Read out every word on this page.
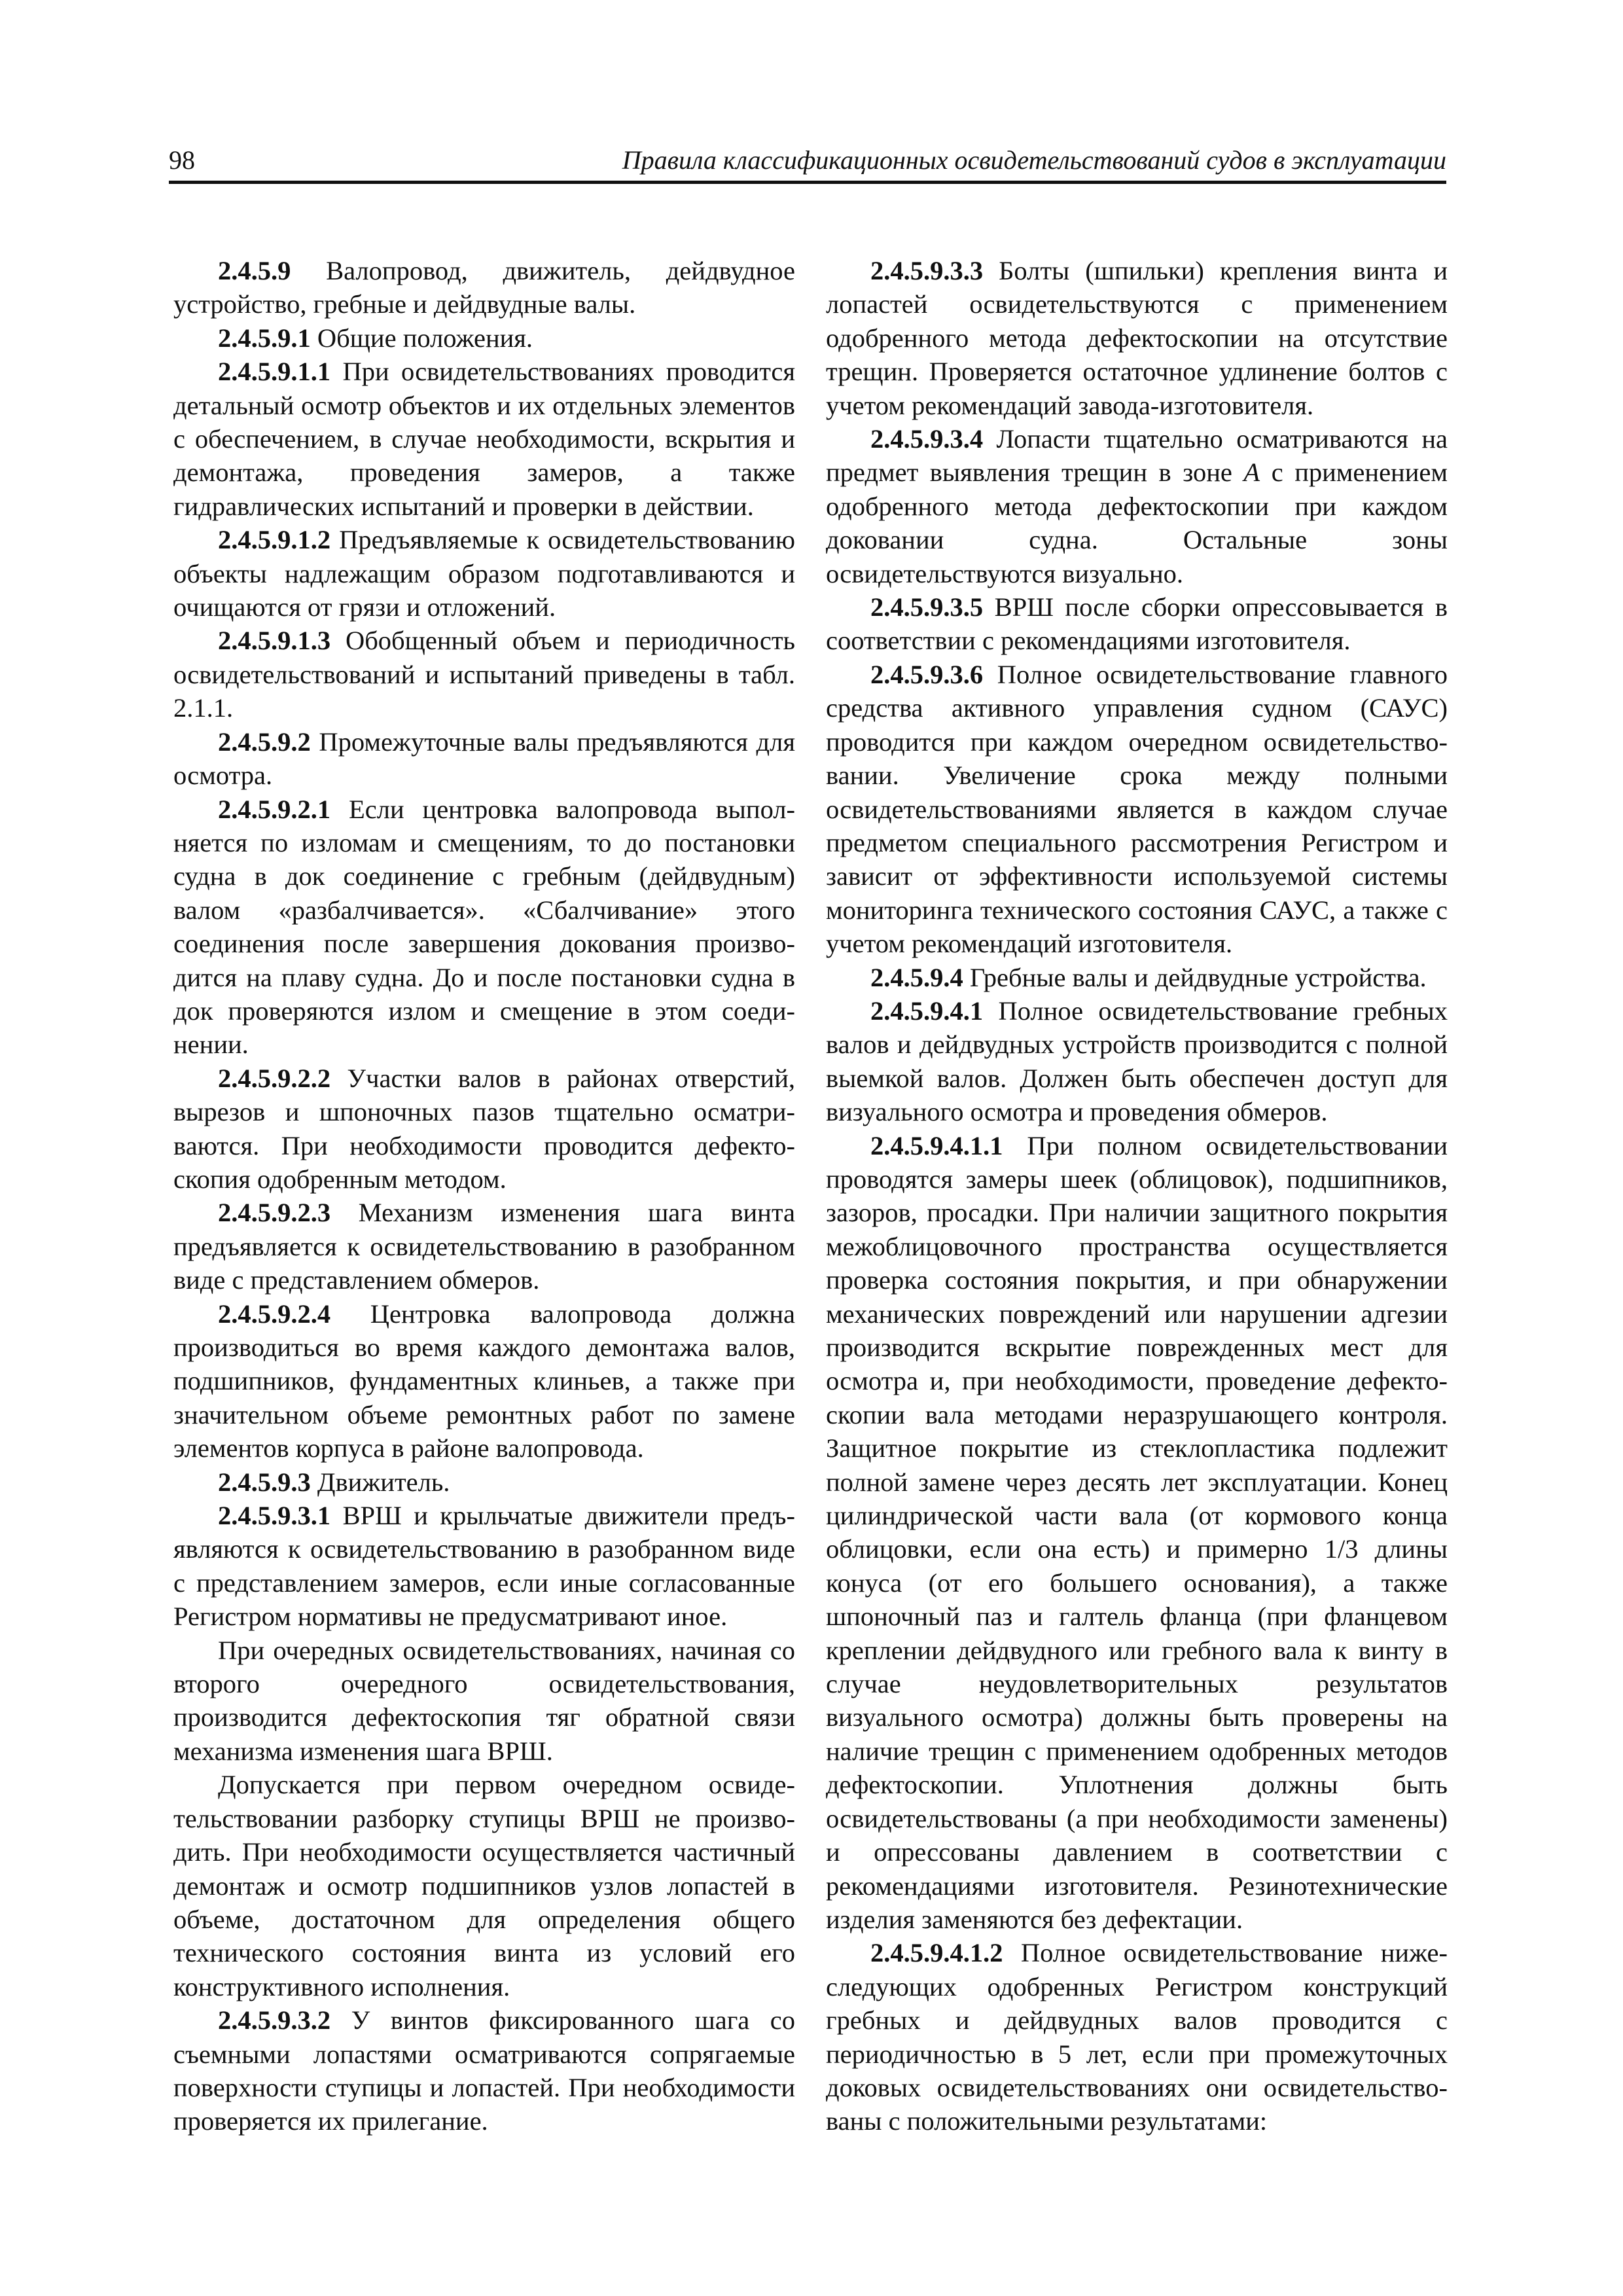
98	Правила классификационных освидетельствований судов в эксплуатации

2.4.5.9 Валопровод, движитель, дейдвудное устройство, гребные и дейдвудные валы.

2.4.5.9.1 Общие положения.

2.4.5.9.1.1 При освидетельствованиях проводится детальный осмотр объектов и их отдельных элементов с обеспечением, в случае необходимости, вскрытия и демонтажа, проведения замеров, а также гидравлических испытаний и проверки в действии.

2.4.5.9.1.2 Предъявляемые к освидетельствованию объекты надлежащим образом подготавливаются и очищаются от грязи и отложений.

2.4.5.9.1.3 Обобщенный объем и периодичность освидетельствований и испытаний приведены в табл. 2.1.1.

2.4.5.9.2 Промежуточные валы предъявляются для осмотра.

2.4.5.9.2.1 Если центровка валопровода выполняется по изломам и смещениям, то до постановки судна в док соединение с гребным (дейдвудным) валом «разбалчивается». «Сбалчивание» этого соединения после завершения докования производится на плаву судна. До и после постановки судна в док проверяются излом и смещение в этом соединении.

2.4.5.9.2.2 Участки валов в районах отверстий, вырезов и шпоночных пазов тщательно осматриваются. При необходимости проводится дефектоскопия одобренным методом.

2.4.5.9.2.3 Механизм изменения шага винта предъявляется к освидетельствованию в разобранном виде с представлением обмеров.

2.4.5.9.2.4 Центровка валопровода должна производиться во время каждого демонтажа валов, подшипников, фундаментных клиньев, а также при значительном объеме ремонтных работ по замене элементов корпуса в районе валопровода.

2.4.5.9.3 Движитель.

2.4.5.9.3.1 ВРШ и крыльчатые движители предъявляются к освидетельствованию в разобранном виде с представлением замеров, если иные согласованные Регистром нормативы не предусматривают иное.

При очередных освидетельствованиях, начиная со второго очередного освидетельствования, производится дефектоскопия тяг обратной связи механизма изменения шага ВРШ.

Допускается при первом очередном освидетельствовании разборку ступицы ВРШ не производить. При необходимости осуществляется частичный демонтаж и осмотр подшипников узлов лопастей в объеме, достаточном для определения общего технического состояния винта из условий его конструктивного исполнения.

2.4.5.9.3.2 У винтов фиксированного шага со съемными лопастями осматриваются сопрягаемые поверхности ступицы и лопастей. При необходимости проверяется их прилегание.

2.4.5.9.3.3 Болты (шпильки) крепления винта и лопастей освидетельствуются с применением одобренного метода дефектоскопии на отсутствие трещин. Проверяется остаточное удлинение болтов с учетом рекомендаций завода-изготовителя.

2.4.5.9.3.4 Лопасти тщательно осматриваются на предмет выявления трещин в зоне A с применением одобренного метода дефектоскопии при каждом доковании судна. Остальные зоны освидетельствуются визуально.

2.4.5.9.3.5 ВРШ после сборки опрессовывается в соответствии с рекомендациями изготовителя.

2.4.5.9.3.6 Полное освидетельствование главного средства активного управления судном (САУС) проводится при каждом очередном освидетельствовании. Увеличение срока между полными освидетельствованиями является в каждом случае предметом специального рассмотрения Регистром и зависит от эффективности используемой системы мониторинга технического состояния САУС, а также с учетом рекомендаций изготовителя.

2.4.5.9.4 Гребные валы и дейдвудные устройства.

2.4.5.9.4.1 Полное освидетельствование гребных валов и дейдвудных устройств производится с полной выемкой валов. Должен быть обеспечен доступ для визуального осмотра и проведения обмеров.

2.4.5.9.4.1.1 При полном освидетельствовании проводятся замеры шеек (облицовок), подшипников, зазоров, просадки. При наличии защитного покрытия межоблицовочного пространства осуществляется проверка состояния покрытия, и при обнаружении механических повреждений или нарушении адгезии производится вскрытие поврежденных мест для осмотра и, при необходимости, проведение дефектоскопии вала методами неразрушающего контроля. Защитное покрытие из стеклопластика подлежит полной замене через десять лет эксплуатации. Конец цилиндрической части вала (от кормового конца облицовки, если она есть) и примерно 1/3 длины конуса (от его большего основания), а также шпоночный паз и галтель фланца (при фланцевом креплении дейдвудного или гребного вала к винту в случае неудовлетворительных результатов визуального осмотра) должны быть проверены на наличие трещин с применением одобренных методов дефектоскопии. Уплотнения должны быть освидетельствованы (а при необходимости заменены) и опрессованы давлением в соответствии с рекомендациями изготовителя. Резинотехнические изделия заменяются без дефектации.

2.4.5.9.4.1.2 Полное освидетельствование нижеследующих одобренных Регистром конструкций гребных и дейдвудных валов проводится с периодичностью в 5 лет, если при промежуточных доковых освидетельствованиях они освидетельствованы с положительными результатами:
